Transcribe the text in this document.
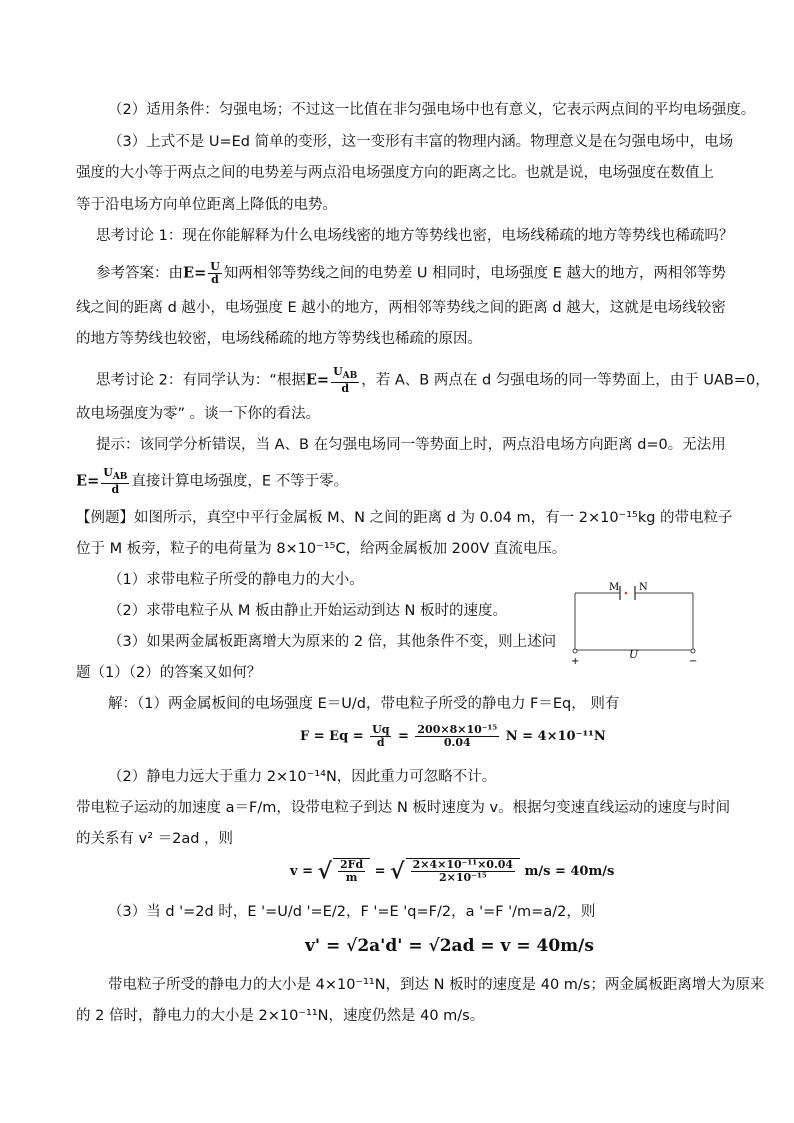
（2）适用条件：匀强电场；不过这一比值在非匀强电场中也有意义，它表示两点间的平均电场强度。
（3）上式不是 U=Ed 简单的变形，这一变形有丰富的物理内涵。物理意义是在匀强电场中，电场
强度的大小等于两点之间的电势差与两点沿电场强度方向的距离之比。也就是说，电场强度在数值上
等于沿电场方向单位距离上降低的电势。
思考讨论 1：现在你能解释为什么电场线密的地方等势线也密，电场线稀疏的地方等势线也稀疏吗？
参考答案：由$E= \frac{U}{d}$ 知两相邻等势线之间的电势差 U 相同时，电场强度 E 越大的地方，两相邻等势
线之间的距离 d 越小，电场强度 E 越小的地方，两相邻等势线之间的距离 d 越大，这就是电场线较密
的地方等势线也较密，电场线稀疏的地方等势线也稀疏的原因。
思考讨论 2：有同学认为：“根据$E= \frac{U_{AB}}{d}$ ，若 A、B 两点在 d 匀强电场的同一等势面上，由于 UAB=0，
故电场强度为零” 。谈一下你的看法。
提示：该同学分析错误，当 A、B 在匀强电场同一等势面上时，两点沿电场方向距离 d=0。无法用
$E= \frac{U_{AB}}{d}$ 直接计算电场强度，E 不等于零。
【例题】如图所示，真空中平行金属板 M、N 之间的距离 d 为 0.04 m，有一 2×10⁻¹⁵kg 的带电粒子
位于 M 板旁，粒子的电荷量为 8×10⁻¹⁵C，给两金属板加 200V 直流电压。
（1）求带电粒子所受的静电力的大小。
（2）求带电粒子从 M 板由静止开始运动到达 N 板时的速度。
（3）如果两金属板距离增大为原来的 2 倍，其他条件不变，则上述问
题（1）（2）的答案又如何？
M N
U
+	−
解：（1）两金属板间的电场强度 E＝U/d，带电粒子所受的静电力 F＝Eq， 则有
$F = Eq = \frac{Uq}{d} = \frac{\text{200×8×10⁻¹⁵}}{0.04}$ N = 4×10⁻¹¹N
（2）静电力远大于重力 2×10⁻¹⁴N，因此重力可忽略不计。
带电粒子运动的加速度 a＝F/m，设带电粒子到达 N 板时速度为 v。根据匀变速直线运动的速度与时间
的关系有 v² ＝2ad ，则
v = √ $\frac{2Fd}{m}$ = √ $\frac{\text{2×4×10⁻¹¹×0.04}}{\text{2×10⁻¹⁵}} m/s = 40m/s$
（3）当 d '=2d 时，E '=U/d '=E/2，F '=E 'q=F/2，a '=F '/m=a/2，则
v' = √2a'd' = √2ad = v = 40m/s
带电粒子所受的静电力的大小是 4×10⁻¹¹N，到达 N 板时的速度是 40 m/s；两金属板距离增大为原来
的 2 倍时，静电力的大小是 2×10⁻¹¹N，速度仍然是 40 m/s。
